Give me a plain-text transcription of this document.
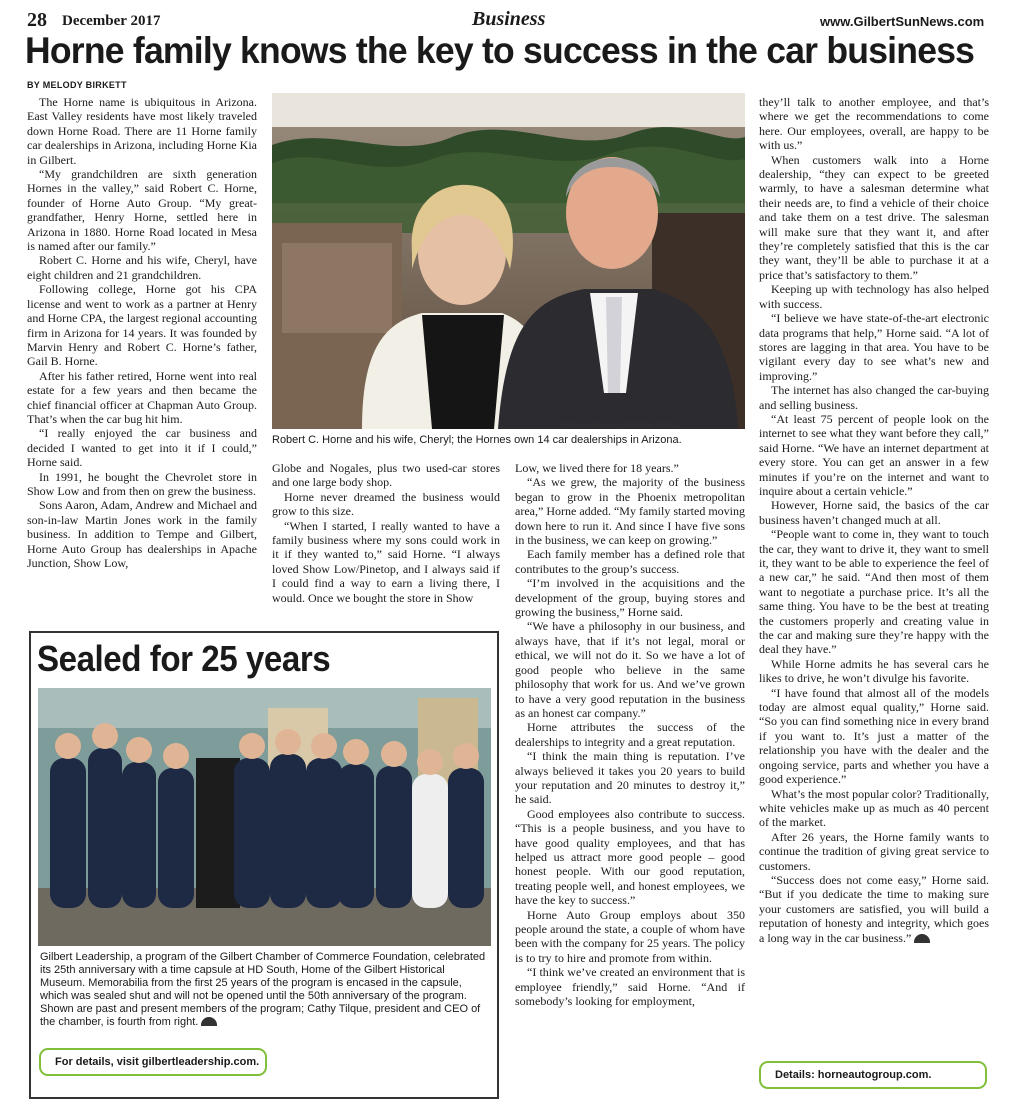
28 December 2017	Business	www.GilbertSunNews.com
Horne family knows the key to success in the car business
BY MELODY BIRKETT

The Horne name is ubiquitous in Arizona. East Valley residents have most likely traveled down Horne Road. There are 11 Horne family car dealerships in Arizona, including Horne Kia in Gilbert.

“My grandchildren are sixth generation Hornes in the valley,” said Robert C. Horne, founder of Horne Auto Group. “My great-grandfather, Henry Horne, settled here in Arizona in 1880. Horne Road located in Mesa is named after our family.”

Robert C. Horne and his wife, Cheryl, have eight children and 21 grandchildren.

Following college, Horne got his CPA license and went to work as a partner at Henry and Horne CPA, the largest regional accounting firm in Arizona for 14 years. It was founded by Marvin Henry and Robert C. Horne’s father, Gail B. Horne.

After his father retired, Horne went into real estate for a few years and then became the chief financial officer at Chapman Auto Group. That’s when the car bug hit him.

“I really enjoyed the car business and decided I wanted to get into it if I could,” Horne said.

In 1991, he bought the Chevrolet store in Show Low and from then on grew the business.

Sons Aaron, Adam, Andrew and Michael and son-in-law Martin Jones work in the family business. In addition to Tempe and Gilbert, Horne Auto Group has dealerships in Apache Junction, Show Low,

(Photo courtesy of the Horne family.)
Robert C. Horne and his wife, Cheryl; the Hornes own 14 car dealerships in Arizona.

Globe and Nogales, plus two used-car stores and one large body shop.

Horne never dreamed the business would grow to this size.

“When I started, I really wanted to have a family business where my sons could work in it if they wanted to,” said Horne. “I always loved Show Low/Pinetop, and I always said if I could find a way to earn a living there, I would. Once we bought the store in Show

Low, we lived there for 18 years.”

“As we grew, the majority of the business began to grow in the Phoenix metropolitan area,” Horne added. “My family started moving down here to run it. And since I have five sons in the business, we can keep on growing.”

Each family member has a defined role that contributes to the group’s success.

“I’m involved in the acquisitions and the development of the group, buying stores and growing the business,” Horne said.

“We have a philosophy in our business, and always have, that if it’s not legal, moral or ethical, we will not do it. So we have a lot of good people who believe in the same philosophy that work for us. And we’ve grown to have a very good reputation in the business as an honest car company.”

Horne attributes the success of the dealerships to integrity and a great reputation.

“I think the main thing is reputation. I’ve always believed it takes you 20 years to build your reputation and 20 minutes to destroy it,” he said.

Good employees also contribute to success. “This is a people business, and you have to have good quality employees, and that has helped us attract more good people – good honest people. With our good reputation, treating people well, and honest employees, we have the key to success.”

Horne Auto Group employs about 350 people around the state, a couple of whom have been with the company for 25 years. The policy is to try to hire and promote from within.

“I think we’ve created an environment that is employee friendly,” said Horne. “And if somebody’s looking for employment,

they’ll talk to another employee, and that’s where we get the recommendations to come here. Our employees, overall, are happy to be with us.”

When customers walk into a Horne dealership, “they can expect to be greeted warmly, to have a salesman determine what their needs are, to find a vehicle of their choice and take them on a test drive. The salesman will make sure that they want it, and after they’re completely satisfied that this is the car they want, they’ll be able to purchase it at a price that’s satisfactory to them.”

Keeping up with technology has also helped with success.

“I believe we have state-of-the-art electronic data programs that help,” Horne said. “A lot of stores are lagging in that area. You have to be vigilant every day to see what’s new and improving.”

The internet has also changed the car-buying and selling business.

“At least 75 percent of people look on the internet to see what they want before they call,” said Horne. “We have an internet department at every store. You can get an answer in a few minutes if you’re on the internet and want to inquire about a certain vehicle.”

However, Horne said, the basics of the car business haven’t changed much at all.

“People want to come in, they want to touch the car, they want to drive it, they want to smell it, they want to be able to experience the feel of a new car,” he said. “And then most of them want to negotiate a purchase price. It’s all the same thing. You have to be the best at treating the customers properly and creating value in the car and making sure they’re happy with the deal they have.”

While Horne admits he has several cars he likes to drive, he won’t divulge his favorite.

“I have found that almost all of the models today are almost equal quality,” Horne said. “So you can find something nice in every brand if you want to. It’s just a matter of the relationship you have with the dealer and the ongoing service, parts and whether you have a good experience.”

What’s the most popular color? Traditionally, white vehicles make up as much as 40 percent of the market.

After 26 years, the Horne family wants to continue the tradition of giving great service to customers.

“Success does not come easy,” Horne said. “But if you dedicate the time to making sure your customers are satisfied, you will build a reputation of honesty and integrity, which goes a long way in the car business.”

Details: horneautogroup.com.
Sealed for 25 years
Gilbert Leadership, a program of the Gilbert Chamber of Commerce Foundation, celebrated its 25th anniversary with a time capsule at HD South, Home of the Gilbert Historical Museum. Memorabilia from the first 25 years of the program is encased in the capsule, which was sealed shut and will not be opened until the 50th anniversary of the program. Shown are past and present members of the program; Cathy Tilque, president and CEO of the chamber, is fourth from right.
For details, visit gilbertleadership.com.
